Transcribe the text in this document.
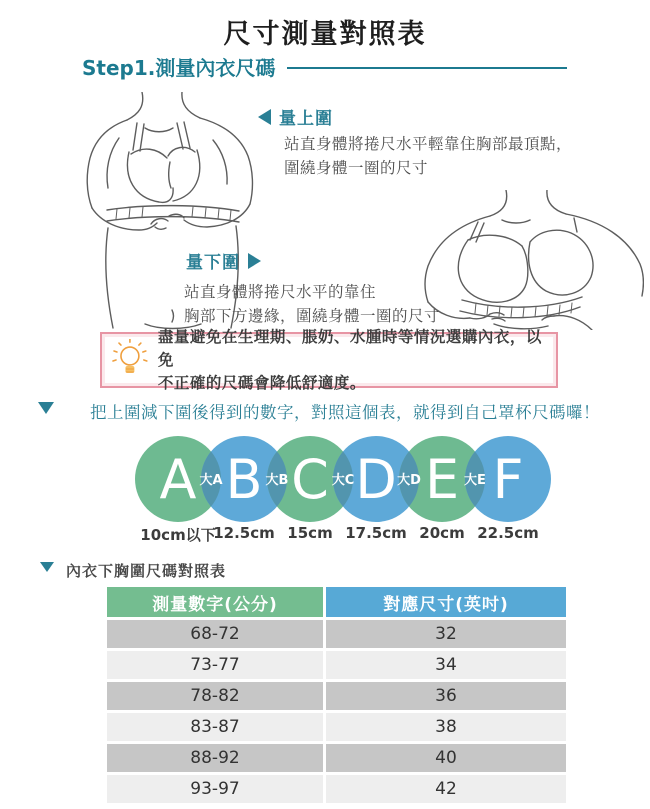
尺寸測量對照表
Step1.測量內衣尺碼
量上圍
站直身體將捲尺水平輕靠住胸部最頂點，
圍繞身體一圈的尺寸
量下圍
站直身體將捲尺水平的靠住
胸部下方邊緣，圍繞身體一圈的尺寸
盡量避免在生理期、脹奶、水腫時等情況選購內衣，以免
不正確的尺碼會降低舒適度。
把上圍減下圍後得到的數字，對照這個表，就得到自己罩杯尺碼囉！
A B C D E F
大A	大B	大C	大D	大E
10cm以下
12.5cm 15cm 17.5cm 20cm 22.5cm
內衣下胸圍尺碼對照表
測量數字(公分)	對應尺寸(英吋)
68-72	32
73-77	34
78-82	36
83-87	38
88-92	40
93-97	42
